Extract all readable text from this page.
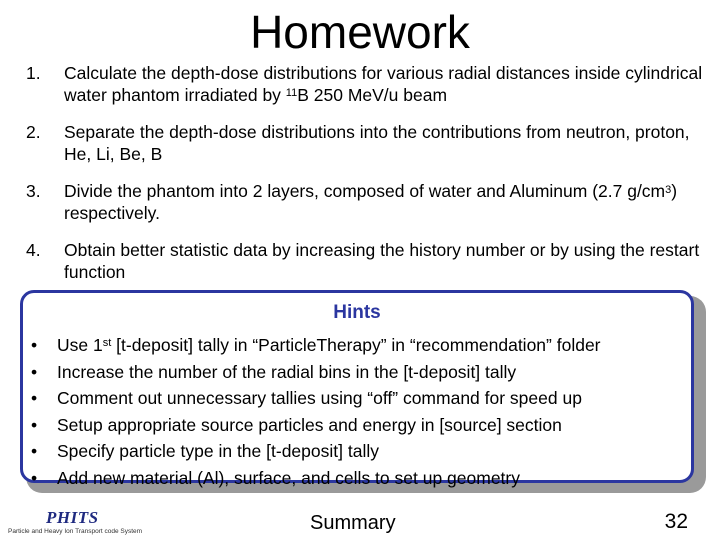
Homework
1. Calculate the depth-dose distributions for various radial distances inside cylindrical water phantom irradiated by $^{11}$B 250 MeV/u beam
2. Separate the depth-dose distributions into the contributions from neutron, proton, He, Li, Be, B
3. Divide the phantom into 2 layers, composed of water and Aluminum (2.7 $g/cm^3$) respectively.
4. Obtain better statistic data by increasing the history number or by using the restart function
Hints
• Use 1st [t-deposit] tally in “ParticleTherapy” in “recommendation” folder
• Increase the number of the radial bins in the [t-deposit] tally
• Comment out unnecessary tallies using “off” command for speed up
• Setup appropriate source particles and energy in [source] section
• Specify particle type in the [t-deposit] tally
• Add new material (Al), surface, and cells to set up geometry
PHITS
Particle and Heavy Ion Transport code System	Summary	32
